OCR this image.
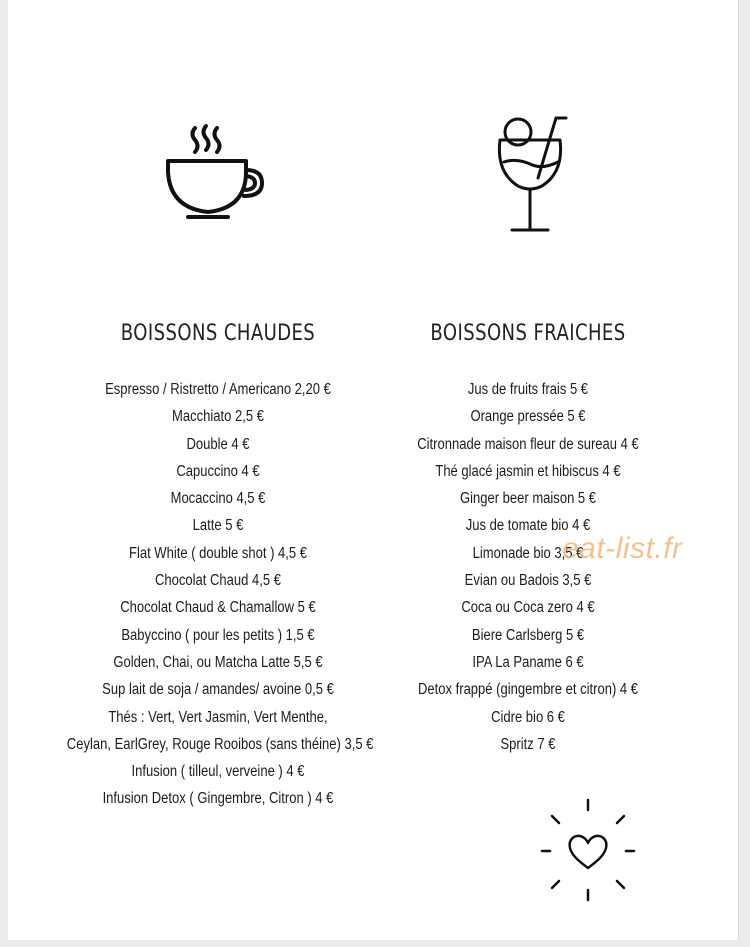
BOISSONS CHAUDES
Espresso / Ristretto / Americano 2,20 €
Macchiato 2,5 €
Double 4 €
Capuccino 4 €
Mocaccino 4,5 €
Latte 5 €
Flat White ( double shot ) 4,5 €
Chocolat Chaud 4,5 €
Chocolat Chaud & Chamallow 5 €
Babyccino ( pour les petits ) 1,5 €
Golden, Chai, ou Matcha Latte 5,5 €
Sup lait de soja / amandes/ avoine 0,5 €
Thés : Vert, Vert Jasmin, Vert Menthe,
Ceylan, EarlGrey, Rouge Rooibos (sans théine) 3,5 €
Infusion ( tilleul, verveine ) 4 €
Infusion Detox ( Gingembre, Citron ) 4 €
BOISSONS FRAICHES
Jus de fruits frais 5 €
Orange pressée 5 €
Citronnade maison fleur de sureau 4 €
Thé glacé jasmin et hibiscus 4 €
Ginger beer maison 5 €
Jus de tomate bio 4 €
Limonade bio 3,5 €
Evian ou Badois 3,5 €
Coca ou Coca zero 4 €
Biere Carlsberg 5 €
IPA La Paname 6 €
Detox frappé (gingembre et citron) 4 €
Cidre bio 6 €
Spritz 7 €
eat-list.fr
